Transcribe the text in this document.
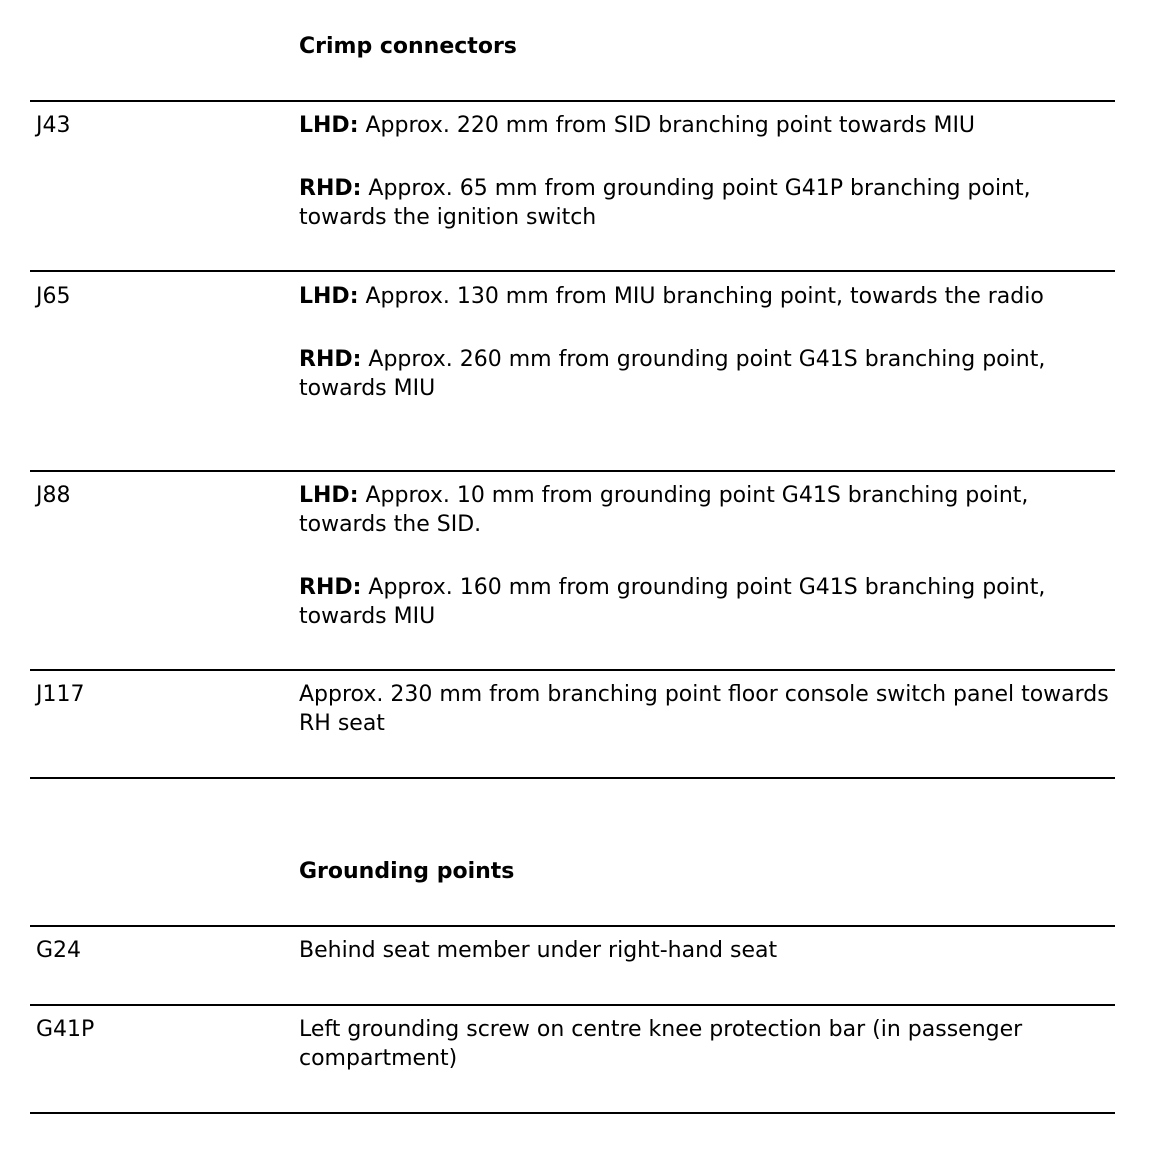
Crimp connectors
J43	LHD: Approx. 220 mm from SID branching point towards MIU

RHD: Approx. 65 mm from grounding point G41P branching point, towards the ignition switch

J65	LHD: Approx. 130 mm from MIU branching point, towards the radio

RHD: Approx. 260 mm from grounding point G41S branching point, towards MIU

J88	LHD: Approx. 10 mm from grounding point G41S branching point, towards the SID.

RHD: Approx. 160 mm from grounding point G41S branching point, towards MIU

J117	Approx. 230 mm from branching point floor console switch panel towards RH seat

Grounding points
G24	Behind seat member under right-hand seat
G41P	Left grounding screw on centre knee protection bar (in passenger compartment)
